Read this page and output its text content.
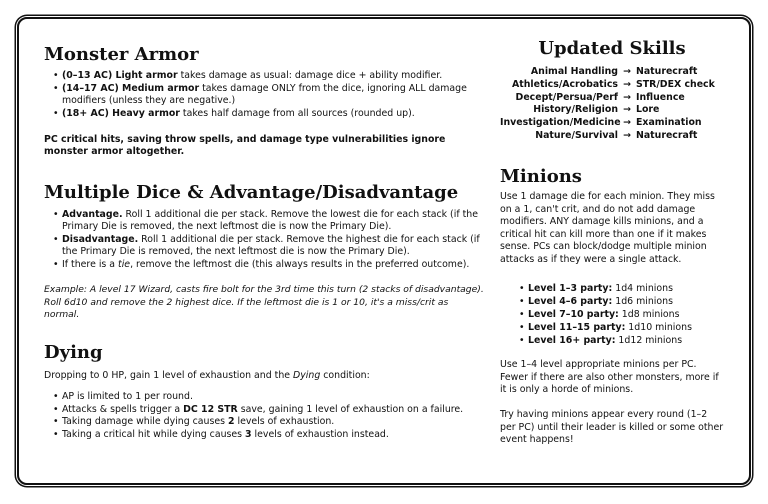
Monster Armor
• (0–13 AC) Light armor takes damage as usual: damage dice + ability modifier.
• (14–17 AC) Medium armor takes damage ONLY from the dice, ignoring ALL damage modifiers (unless they are negative.)
• (18+ AC) Heavy armor takes half damage from all sources (rounded up).
PC critical hits, saving throw spells, and damage type vulnerabilities ignore monster armor altogether.
Multiple Dice & Advantage/Disadvantage
• Advantage. Roll 1 additional die per stack. Remove the lowest die for each stack (if the Primary Die is removed, the next leftmost die is now the Primary Die).
• Disadvantage. Roll 1 additional die per stack. Remove the highest die for each stack (if the Primary Die is removed, the next leftmost die is now the Primary Die).
• If there is a tie, remove the leftmost die (this always results in the preferred outcome).
Example: A level 17 Wizard, casts fire bolt for the 3rd time this turn (2 stacks of disadvantage). Roll 6d10 and remove the 2 highest dice. If the leftmost die is 1 or 10, it's a miss/crit as normal.
Dying
Dropping to 0 HP, gain 1 level of exhaustion and the Dying condition:
• AP is limited to 1 per round.
• Attacks & spells trigger a DC 12 STR save, gaining 1 level of exhaustion on a failure.
• Taking damage while dying causes 2 levels of exhaustion.
• Taking a critical hit while dying causes 3 levels of exhaustion instead.
Updated Skills
Animal Handling → Naturecraft
Athletics/Acrobatics → STR/DEX check
Decept/Persua/Perf → Influence
History/Religion → Lore
Investigation/Medicine → Examination
Nature/Survival → Naturecraft
Minions
Use 1 damage die for each minion. They miss on a 1, can't crit, and do not add damage modifiers. ANY damage kills minions, and a critical hit can kill more than one if it makes sense. PCs can block/dodge multiple minion attacks as if they were a single attack.
• Level 1–3 party: 1d4 minions
• Level 4–6 party: 1d6 minions
• Level 7–10 party: 1d8 minions
• Level 11–15 party: 1d10 minions
• Level 16+ party: 1d12 minions
Use 1–4 level appropriate minions per PC. Fewer if there are also other monsters, more if it is only a horde of minions.
Try having minions appear every round (1–2 per PC) until their leader is killed or some other event happens!
